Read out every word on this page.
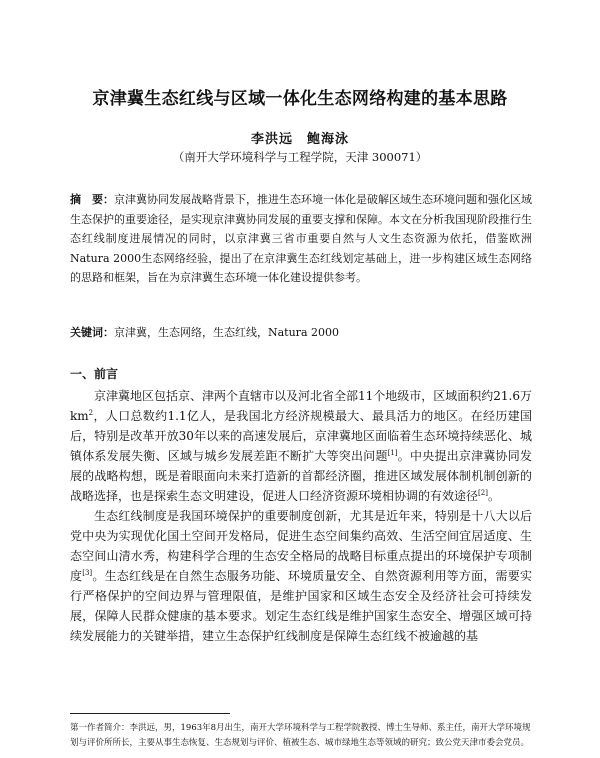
京津冀生态红线与区域一体化生态网络构建的基本思路
李洪远　鲍海泳
（南开大学环境科学与工程学院，天津 300071）
摘　要：京津冀协同发展战略背景下，推进生态环境一体化是破解区域生态环境问题和强化区域生态保护的重要途径，是实现京津冀协同发展的重要支撑和保障。本文在分析我国现阶段推行生态红线制度进展情况的同时，以京津冀三省市重要自然与人文生态资源为依托，借鉴欧洲Natura 2000生态网络经验，提出了在京津冀生态红线划定基础上，进一步构建区域生态网络的思路和框架，旨在为京津冀生态环境一体化建设提供参考。
关键词：京津冀，生态网络，生态红线，Natura 2000
一、前言

京津冀地区包括京、津两个直辖市以及河北省全部11个地级市，区域面积约21.6万$km^2$，人口总数约1.1亿人，是我国北方经济规模最大、最具活力的地区。在经历建国后，特别是改革开放30年以来的高速发展后，京津冀地区面临着生态环境持续恶化、城镇体系发展失衡、区域与城乡发展差距不断扩大等突出问题[1]。中央提出京津冀协同发展的战略构想，既是着眼面向未来打造新的首都经济圈，推进区域发展体制机制创新的战略选择，也是探索生态文明建设，促进人口经济资源环境相协调的有效途径[2]。

生态红线制度是我国环境保护的重要制度创新，尤其是近年来，特别是十八大以后党中央为实现优化国土空间开发格局，促进生态空间集约高效、生活空间宜居适度、生态空间山清水秀，构建科学合理的生态安全格局的战略目标重点提出的环境保护专项制度[3]。生态红线是在自然生态服务功能、环境质量安全、自然资源利用等方面，需要实行严格保护的空间边界与管理限值，是维护国家和区域生态安全及经济社会可持续发展，保障人民群众健康的基本要求。划定生态红线是维护国家生态安全、增强区域可持续发展能力的关键举措，建立生态保护红线制度是保障生态红线不被逾越的基

第一作者简介：李洪远，男，1963年8月出生，南开大学环境科学与工程学院教授、博士生导师、系主任，南开大学环境规划与评价所所长，主要从事生态恢复、生态规划与评价、植被生态、城市绿地生态等领域的研究；致公党天津市委会党员。
